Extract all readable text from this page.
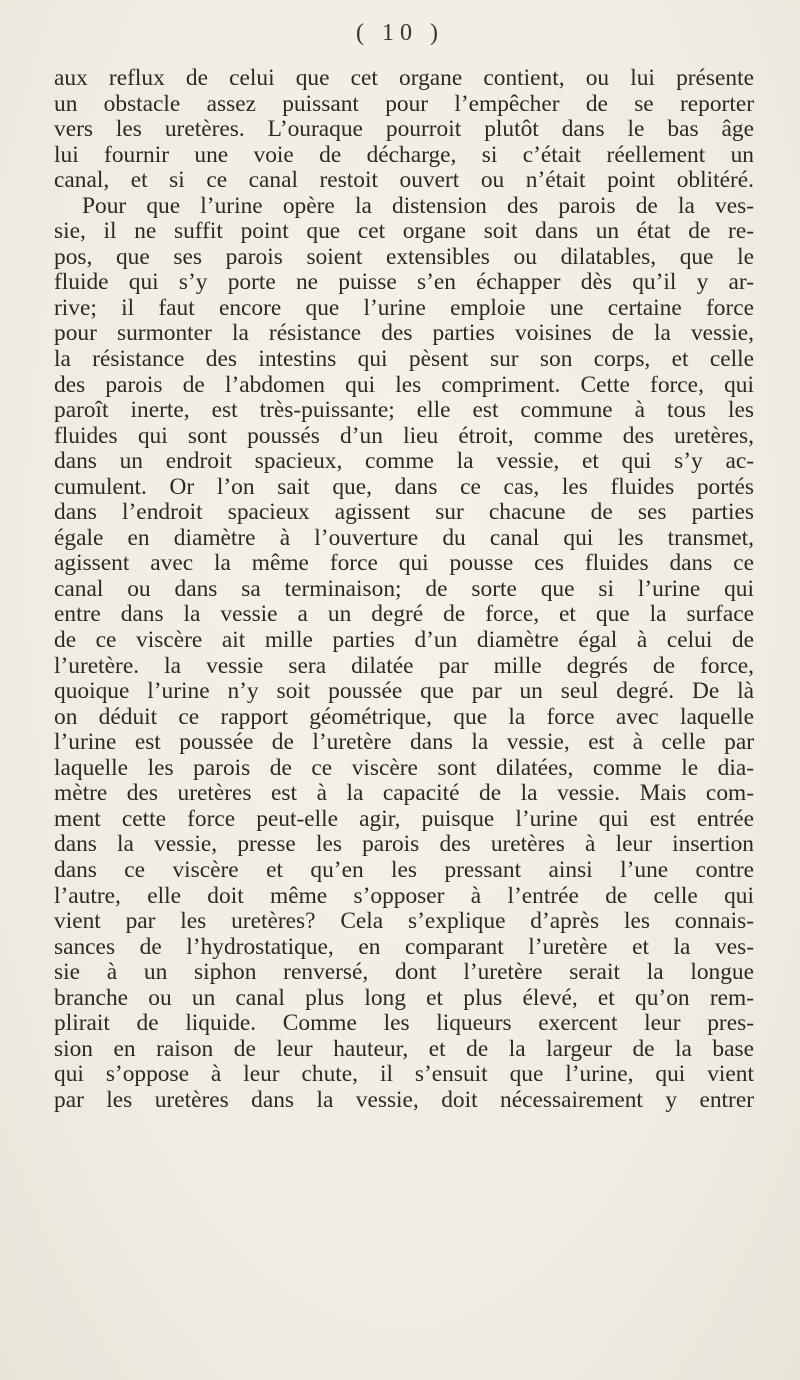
( 10 )
aux reflux de celui que cet organe contient, ou lui présente
un obstacle assez puissant pour l’empêcher de se reporter
vers les uretères. L’ouraque pourroit plutôt dans le bas âge
lui fournir une voie de décharge, si c’était réellement un
canal, et si ce canal restoit ouvert ou n’était point oblitéré.
Pour que l’urine opère la distension des parois de la ves-
sie, il ne suffit point que cet organe soit dans un état de re-
pos, que ses parois soient extensibles ou dilatables, que le
fluide qui s’y porte ne puisse s’en échapper dès qu’il y ar-
rive; il faut encore que l’urine emploie une certaine force
pour surmonter la résistance des parties voisines de la vessie,
la résistance des intestins qui pèsent sur son corps, et celle
des parois de l’abdomen qui les compriment. Cette force, qui
paroît inerte, est très-puissante; elle est commune à tous les
fluides qui sont poussés d’un lieu étroit, comme des uretères,
dans un endroit spacieux, comme la vessie, et qui s’y ac-
cumulent. Or l’on sait que, dans ce cas, les fluides portés
dans l’endroit spacieux agissent sur chacune de ses parties
égale en diamètre à l’ouverture du canal qui les transmet,
agissent avec la même force qui pousse ces fluides dans ce
canal ou dans sa terminaison; de sorte que si l’urine qui
entre dans la vessie a un degré de force, et que la surface
de ce viscère ait mille parties d’un diamètre égal à celui de
l’uretère. la vessie sera dilatée par mille degrés de force,
quoique l’urine n’y soit poussée que par un seul degré. De là
on déduit ce rapport géométrique, que la force avec laquelle
l’urine est poussée de l’uretère dans la vessie, est à celle par
laquelle les parois de ce viscère sont dilatées, comme le dia-
mètre des uretères est à la capacité de la vessie. Mais com-
ment cette force peut-elle agir, puisque l’urine qui est entrée
dans la vessie, presse les parois des uretères à leur insertion
dans ce viscère et qu’en les pressant ainsi l’une contre
l’autre, elle doit même s’opposer à l’entrée de celle qui
vient par les uretères? Cela s’explique d’après les connais-
sances de l’hydrostatique, en comparant l’uretère et la ves-
sie à un siphon renversé, dont l’uretère serait la longue
branche ou un canal plus long et plus élevé, et qu’on rem-
plirait de liquide. Comme les liqueurs exercent leur pres-
sion en raison de leur hauteur, et de la largeur de la base
qui s’oppose à leur chute, il s’ensuit que l’urine, qui vient
par les uretères dans la vessie, doit nécessairement y entrer
